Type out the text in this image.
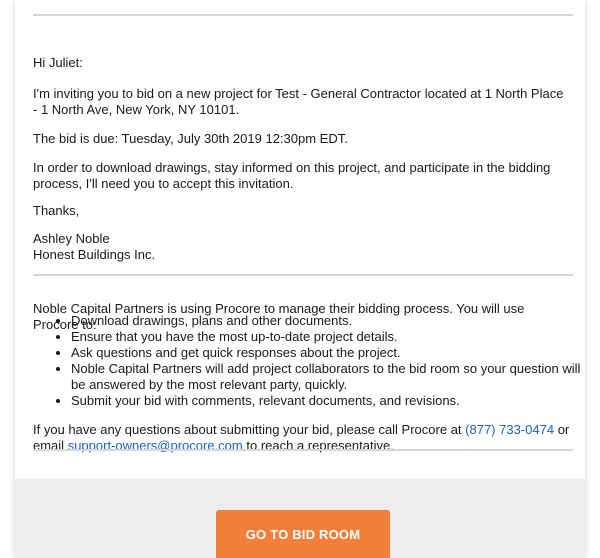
Hi Juliet:

I'm inviting you to bid on a new project for Test - General Contractor located at 1 North Place - 1 North Ave, New York, NY 10101.

The bid is due: Tuesday, July 30th 2019 12:30pm EDT.

In order to download drawings, stay informed on this project, and participate in the bidding process, I'll need you to accept this invitation.

Thanks,

Ashley Noble

Honest Buildings Inc.

Noble Capital Partners is using Procore to manage their bidding process. You will use Procore to:

• Download drawings, plans and other documents.
• Ensure that you have the most up-to-date project details.
• Ask questions and get quick responses about the project.
• Noble Capital Partners will add project collaborators to the bid room so your question will be answered by the most relevant party, quickly.
• Submit your bid with comments, relevant documents, and revisions.

If you have any questions about submitting your bid, please call Procore at (877) 733-0474 or email support-owners@procore.com to reach a representative.

GO TO BID ROOM
